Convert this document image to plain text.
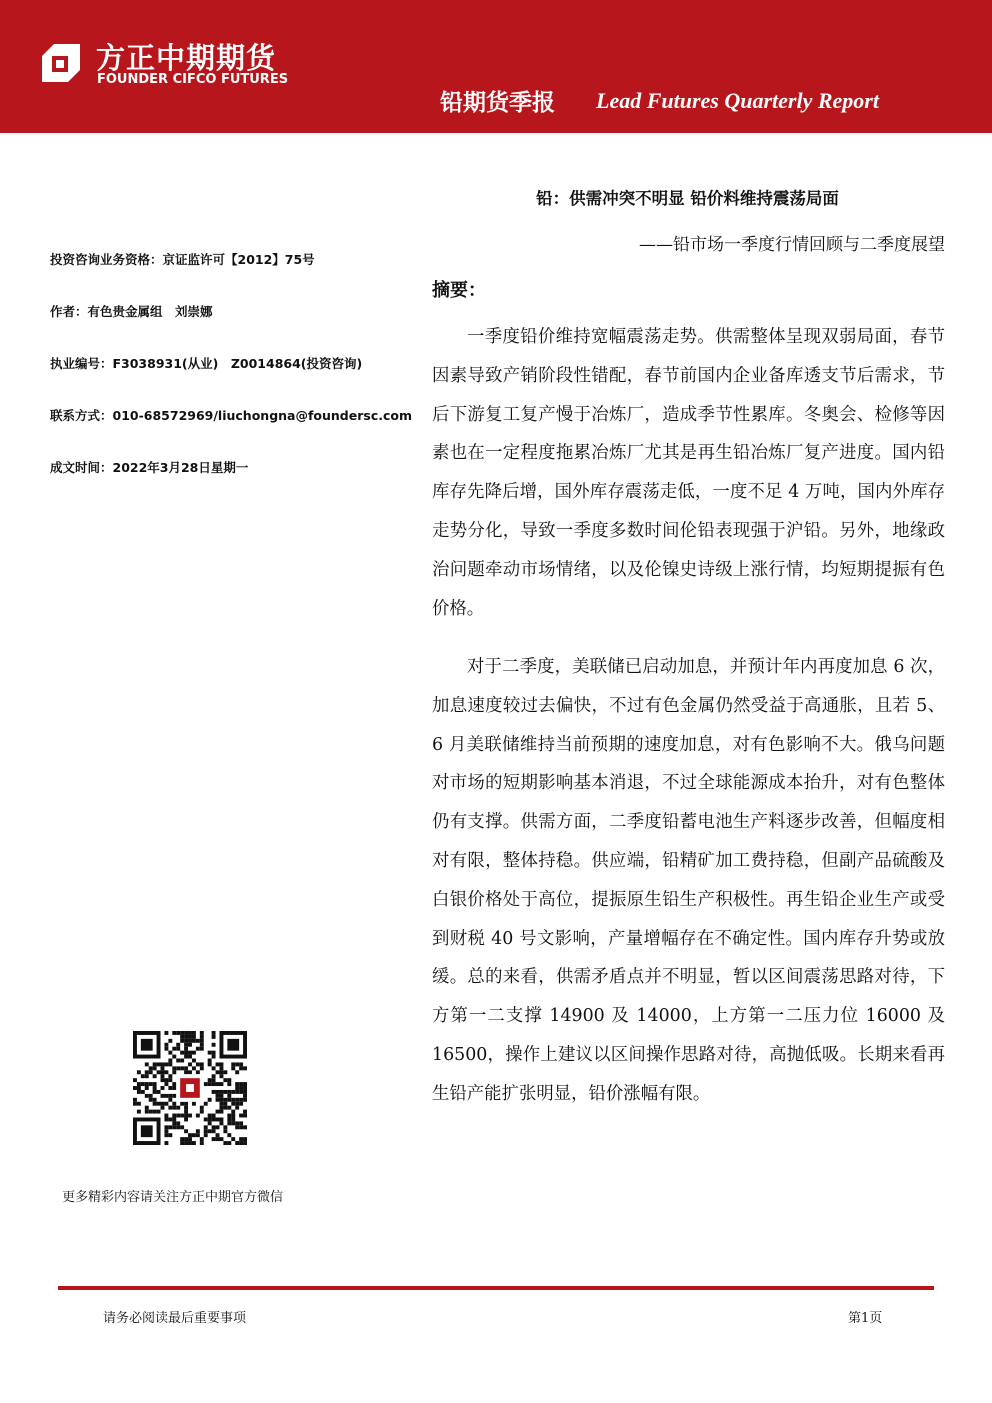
方正中期期货
FOUNDER CIFCO FUTURES
铅期货季报 Lead Futures Quarterly Report
铅：供需冲突不明显 铅价料维持震荡局面
——铅市场一季度行情回顾与二季度展望
摘要：

一季度铅价维持宽幅震荡走势。供需整体呈现双弱局面，春节因素导致产销阶段性错配，春节前国内企业备库透支节后需求，节后下游复工复产慢于冶炼厂，造成季节性累库。冬奥会、检修等因素也在一定程度拖累冶炼厂尤其是再生铅冶炼厂复产进度。国内铅库存先降后增，国外库存震荡走低，一度不足 4 万吨，国内外库存走势分化，导致一季度多数时间伦铅表现强于沪铅。另外，地缘政治问题牵动市场情绪，以及伦镍史诗级上涨行情，均短期提振有色价格。

对于二季度，美联储已启动加息，并预计年内再度加息 6 次，加息速度较过去偏快，不过有色金属仍然受益于高通胀，且若 5、6 月美联储维持当前预期的速度加息，对有色影响不大。俄乌问题对市场的短期影响基本消退，不过全球能源成本抬升，对有色整体仍有支撑。供需方面，二季度铅蓄电池生产料逐步改善，但幅度相对有限，整体持稳。供应端，铅精矿加工费持稳，但副产品硫酸及白银价格处于高位，提振原生铅生产积极性。再生铅企业生产或受到财税 40 号文影响，产量增幅存在不确定性。国内库存升势或放缓。总的来看，供需矛盾点并不明显，暂以区间震荡思路对待，下方第一二支撑 14900 及 14000，上方第一二压力位 16000 及 16500，操作上建议以区间操作思路对待，高抛低吸。长期来看再生铅产能扩张明显，铅价涨幅有限。

投资咨询业务资格：京证监许可【2012】75号
作者：有色贵金属组　刘崇娜
执业编号：F3038931(从业)　Z0014864(投资咨询)
联系方式：010-68572969/liuchongna@foundersc.com
成文时间：2022年3月28日星期一
更多精彩内容请关注方正中期官方微信
请务必阅读最后重要事项	第1页
